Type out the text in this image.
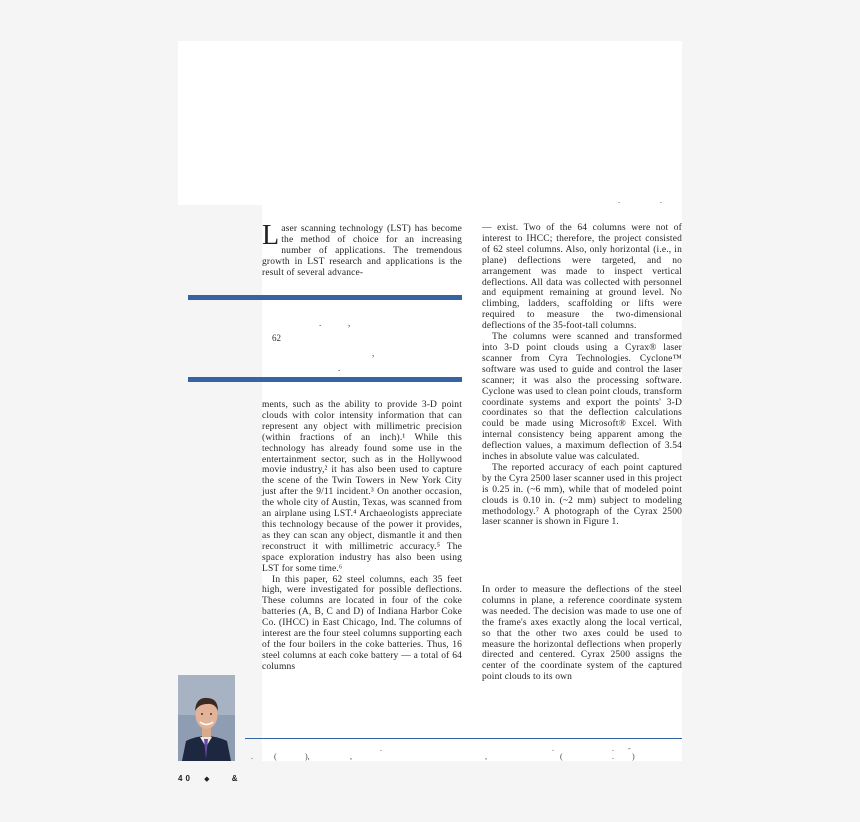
.	.

Laser scanning technology (LST) has become the method of choice for an increasing number of applications. The tremendous growth in LST research and applications is the result of several advance-

.	,
62
,
.

ments, such as the ability to provide 3-D point clouds with color intensity information that can represent any object with millimetric precision (within fractions of an inch).¹ While this technology has already found some use in the entertainment sector, such as in the Hollywood movie industry,² it has also been used to capture the scene of the Twin Towers in New York City just after the 9/11 incident.³ On another occasion, the whole city of Austin, Texas, was scanned from an airplane using LST.⁴ Archaeologists appreciate this technology because of the power it provides, as they can scan any object, dismantle it and then reconstruct it with millimetric accuracy.⁵ The space exploration industry has also been using LST for some time.⁶

In this paper, 62 steel columns, each 35 feet high, were investigated for possible deflections. These columns are located in four of the coke batteries (A, B, C and D) of Indiana Harbor Coke Co. (IHCC) in East Chicago, Ind. The columns of interest are the four steel columns supporting each of the four boilers in the coke batteries. Thus, 16 steel columns at each coke battery — a total of 64 columns

— exist. Two of the 64 columns were not of interest to IHCC; therefore, the project consisted of 62 steel columns. Also, only horizontal (i.e., in plane) deflections were targeted, and no arrangement was made to inspect vertical deflections. All data was collected with personnel and equipment remaining at ground level. No climbing, ladders, scaffolding or lifts were required to measure the two-dimensional deflections of the 35-foot-tall columns.

The columns were scanned and transformed into 3-D point clouds using a Cyrax® laser scanner from Cyra Technologies. Cyclone™ software was used to guide and control the laser scanner; it was also the processing software. Cyclone was used to clean point clouds, transform coordinate systems and export the points' 3-D coordinates so that the deflection calculations could be made using Microsoft® Excel. With internal consistency being apparent among the deflection values, a maximum deflection of 3.54 inches in absolute value was calculated.

The reported accuracy of each point captured by the Cyra 2500 laser scanner used in this project is 0.25 in. (~6 mm), while that of modeled point clouds is 0.10 in. (~2 mm) subject to modeling methodology.⁷ A photograph of the Cyrax 2500 laser scanner is shown in Figure 1.

In order to measure the deflections of the steel columns in plane, a reference coordinate system was needed. The decision was made to use one of the frame's axes exactly along the local vertical, so that the other two axes could be used to measure the horizontal deflections when properly directed and centered. Cyrax 2500 assigns the center of the coordinate system of the captured point clouds to its own

.	(	),
.
,	,
.	. -
(	. )
40 ◆ &
